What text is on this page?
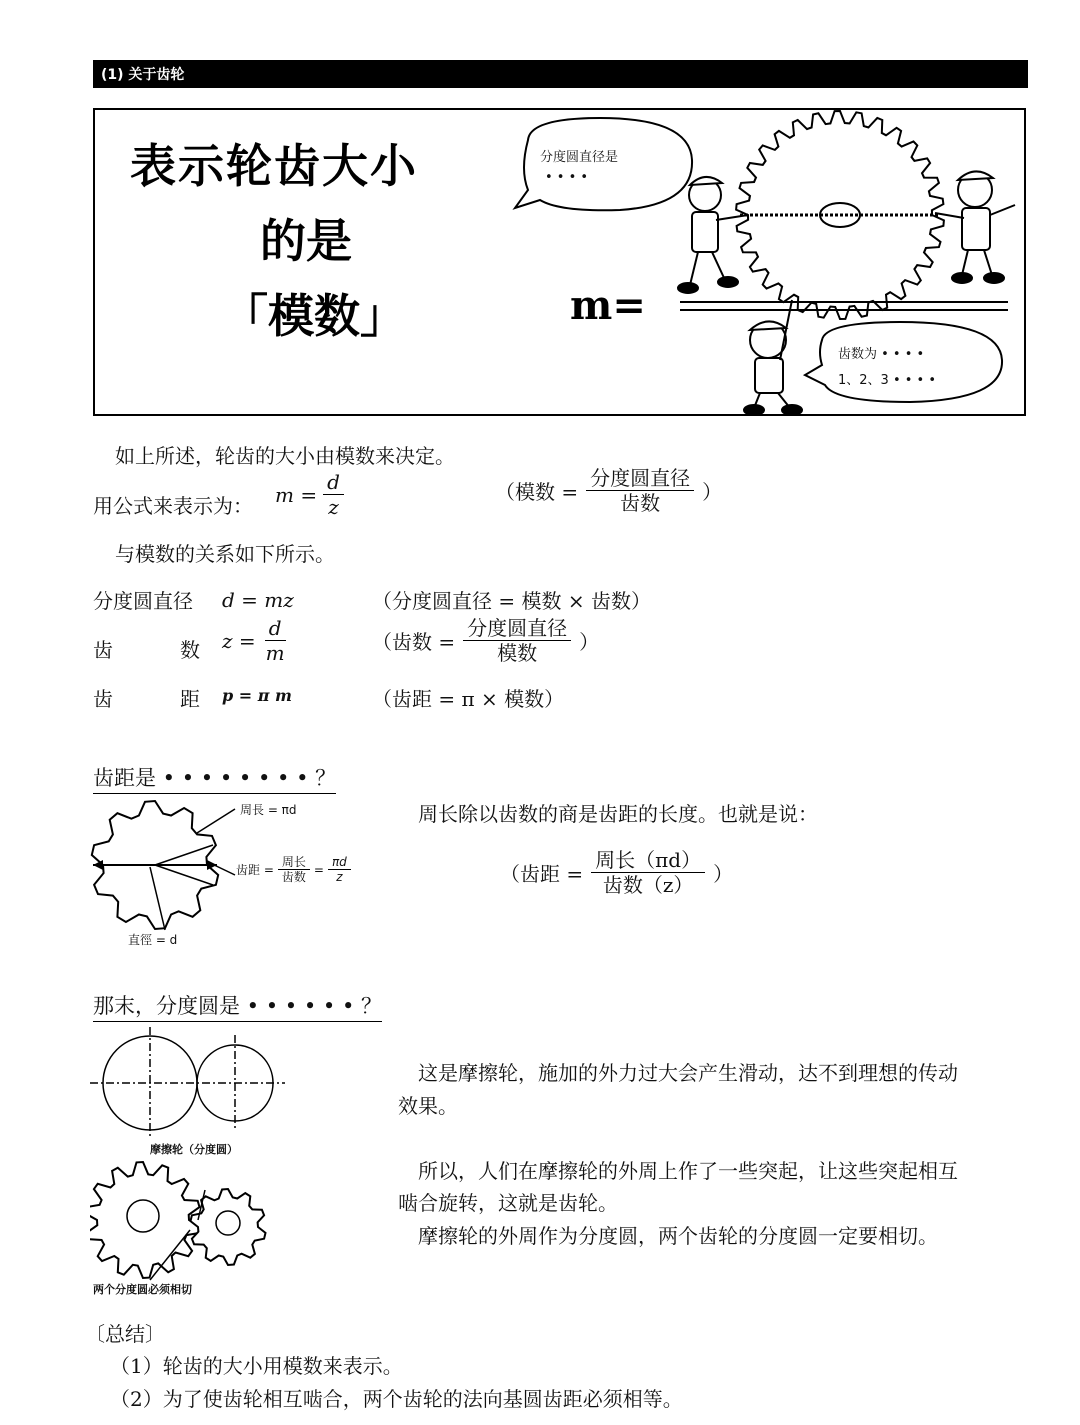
(1) 关于齿轮
表示轮齿大小
的是
「模数」	m=
分度圆直径是
• • • •
齿数为 • • • •
1、2、3 • • • •
如上所述，轮齿的大小由模数来决定。
用公式来表示为： $m = \frac{d}{z}$	（模数 = $\frac{\text{分度圆直径}}{\text{齿数}}$ ）
与模数的关系如下所示。
分度圆直径 d = mz	（分度圆直径 = 模数 × 齿数）
齿	数 $z = \frac{d}{m}$	（齿数 = $\frac{\text{分度圆直径}}{\text{模数}}$ ）
齿	距 p = π m	（齿距 = π × 模数）
齿距是 • • • • • • • • ？
周長 = πd
齿距 = $\frac{\text{周长}}{\text{齿数}} = \frac{\pi d}{z}$
直徑 = d
周长除以齿数的商是齿距的长度。也就是说：
（齿距 = $\frac{\text{周长（πd）}}{\text{齿数（z）}}$ ）
那末，分度圆是 • • • • • • ？
摩擦轮（分度圆）
两个分度圆必须相切
这是摩擦轮，施加的外力过大会产生滑动，达不到理想的传动
效果。
所以，人们在摩擦轮的外周上作了一些突起，让这些突起相互
啮合旋转，这就是齿轮。
摩擦轮的外周作为分度圆，两个齿轮的分度圆一定要相切。
〔总结〕
（1）轮齿的大小用模数来表示。
（2）为了使齿轮相互啮合，两个齿轮的法向基圆齿距必须相等。
